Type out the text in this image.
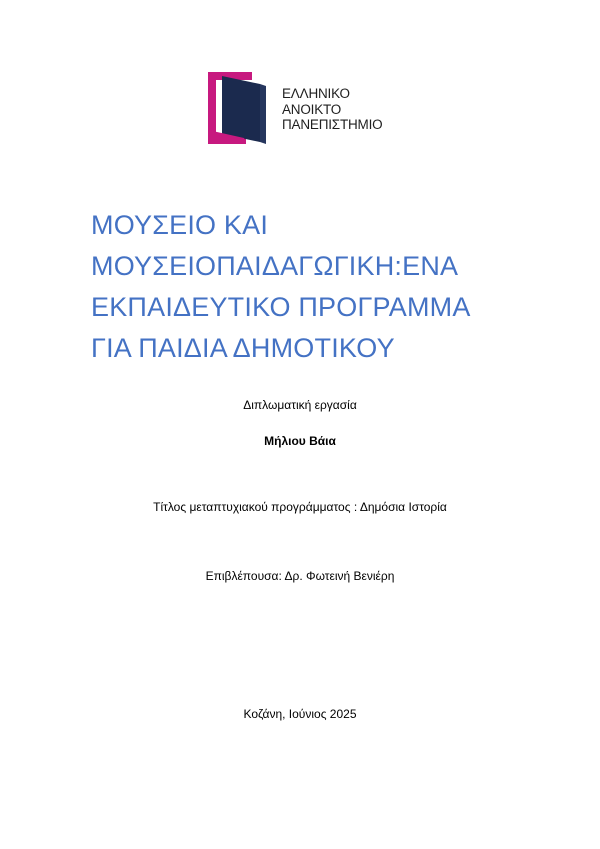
ΕΛΛΗΝΙΚΟ
ΑΝΟΙΚΤΟ
ΠΑΝΕΠΙΣΤΗΜΙΟ
ΜΟΥΣΕΙΟ ΚΑΙ
ΜΟΥΣΕΙΟΠΑΙΔΑΓΩΓΙΚΗ:ΕΝΑ
ΕΚΠΑΙΔΕΥΤΙΚΟ ΠΡΟΓΡΑΜΜΑ
ΓΙΑ ΠΑΙΔΙΑ ΔΗΜΟΤΙΚΟΥ
Διπλωματική εργασία
Μήλιου Βάια
Τίτλος μεταπτυχιακού προγράμματος : Δημόσια Ιστορία
Επιβλέπουσα: Δρ. Φωτεινή Βενιέρη
Κοζάνη, Ιούνιος 2025
